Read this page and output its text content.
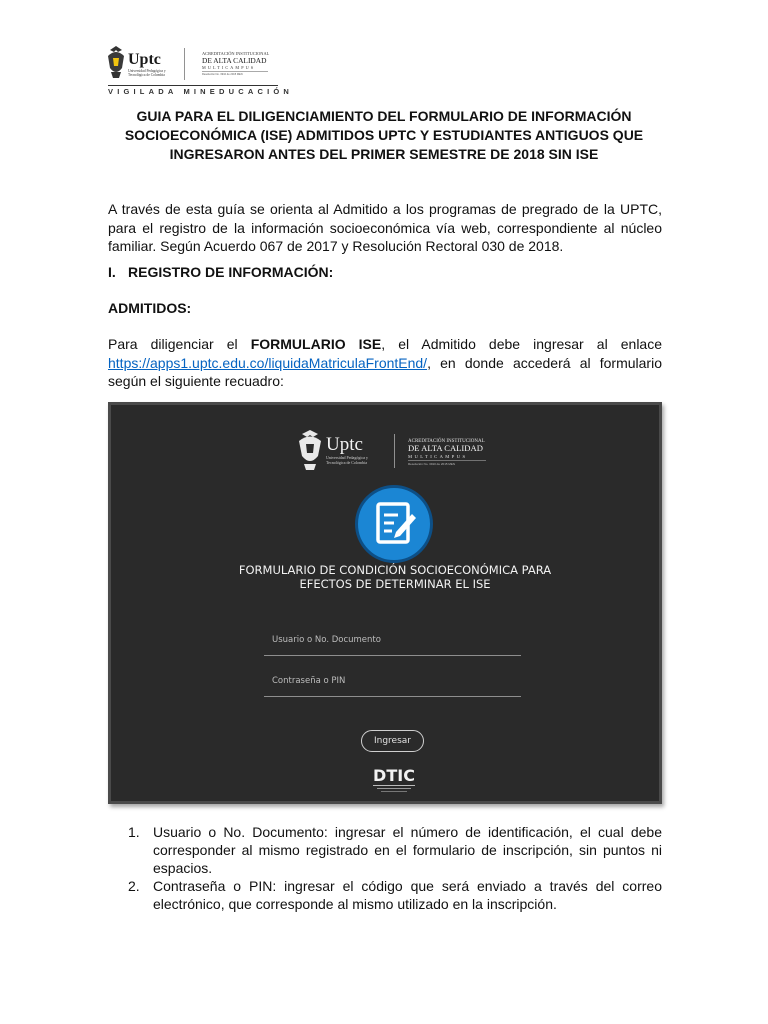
Uptc
Universidad Pedagógica y
Tecnológica de Colombia
ACREDITACIÓN INSTITUCIONAL
DE ALTA CALIDAD
MULTICAMPUS
Resolución No. 3910 de 2015 MEN
VIGILADA MINEDUCACIÓN
GUIA PARA EL DILIGENCIAMIENTO DEL FORMULARIO DE INFORMACIÓN SOCIOECONÓMICA (ISE) ADMITIDOS UPTC Y ESTUDIANTES ANTIGUOS QUE INGRESARON ANTES DEL PRIMER SEMESTRE DE 2018 SIN ISE
A través de esta guía se orienta al Admitido a los programas de pregrado de la UPTC, para el registro de la información socioeconómica vía web, correspondiente al núcleo familiar. Según Acuerdo 067 de 2017 y Resolución Rectoral 030 de 2018.
I. REGISTRO DE INFORMACIÓN:
ADMITIDOS:
Para diligenciar el FORMULARIO ISE, el Admitido debe ingresar al enlace https://apps1.uptc.edu.co/liquidaMatriculaFrontEnd/, en donde accederá al formulario según el siguiente recuadro:
Uptc
Universidad Pedagógica y
Tecnológica de Colombia
ACREDITACIÓN INSTITUCIONAL
DE ALTA CALIDAD
MULTICAMPUS
Resolución No. 3910 de 2015 MEN
FORMULARIO DE CONDICIÓN SOCIOECONÓMICA PARA EFECTOS DE DETERMINAR EL ISE
Usuario o No. Documento
Contraseña o PIN
Ingresar
DTIC
1. Usuario o No. Documento: ingresar el número de identificación, el cual debe corresponder al mismo registrado en el formulario de inscripción, sin puntos ni espacios.
2. Contraseña o PIN: ingresar el código que será enviado a través del correo electrónico, que corresponde al mismo utilizado en la inscripción.
